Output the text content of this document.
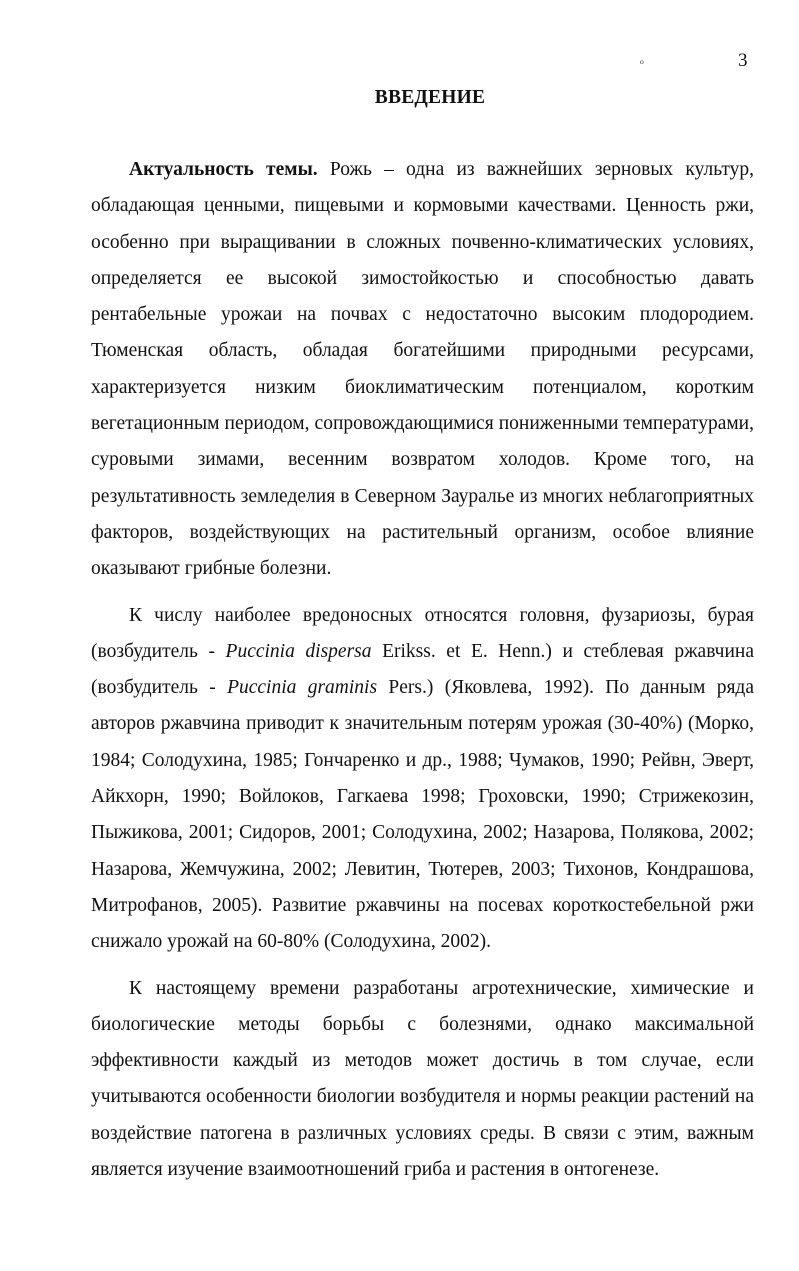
3
ₒ
ВВЕДЕНИЕ

Актуальность темы. Рожь – одна из важнейших зерновых культур, обладающая ценными, пищевыми и кормовыми качествами. Ценность ржи, особенно при выращивании в сложных почвенно-климатических условиях, определяется ее высокой зимостойкостью и способностью давать рентабельные урожаи на почвах с недостаточно высоким плодородием. Тюменская область, обладая богатейшими природными ресурсами, характеризуется низким биоклиматическим потенциалом, коротким вегетационным периодом, сопровождающимися пониженными температурами, суровыми зимами, весенним возвратом холодов. Кроме того, на результативность земледелия в Северном Зауралье из многих неблагоприятных факторов, воздействующих на растительный организм, особое влияние оказывают грибные болезни.

К числу наиболее вредоносных относятся головня, фузариозы, бурая (возбудитель - Puccinia dispersa Erikss. et E. Henn.) и стеблевая ржавчина (возбудитель - Puccinia graminis Pers.) (Яковлева, 1992). По данным ряда авторов ржавчина приводит к значительным потерям урожая (30-40%) (Морко, 1984; Солодухина, 1985; Гончаренко и др., 1988; Чумаков, 1990; Рейвн, Эверт, Айкхорн, 1990; Войлоков, Гагкаева 1998; Гроховски, 1990; Стрижекозин, Пыжикова, 2001; Сидоров, 2001; Солодухина, 2002; Назарова, Полякова, 2002; Назарова, Жемчужина, 2002; Левитин, Тютерев, 2003; Тихонов, Кондрашова, Митрофанов, 2005). Развитие ржавчины на посевах короткостебельной ржи снижало урожай на 60-80% (Солодухина, 2002).

К настоящему времени разработаны агротехнические, химические и биологические методы борьбы с болезнями, однако максимальной эффективности каждый из методов может достичь в том случае, если учитываются особенности биологии возбудителя и нормы реакции растений на воздействие патогена в различных условиях среды. В связи с этим, важным является изучение взаимоотношений гриба и растения в онтогенезе.
